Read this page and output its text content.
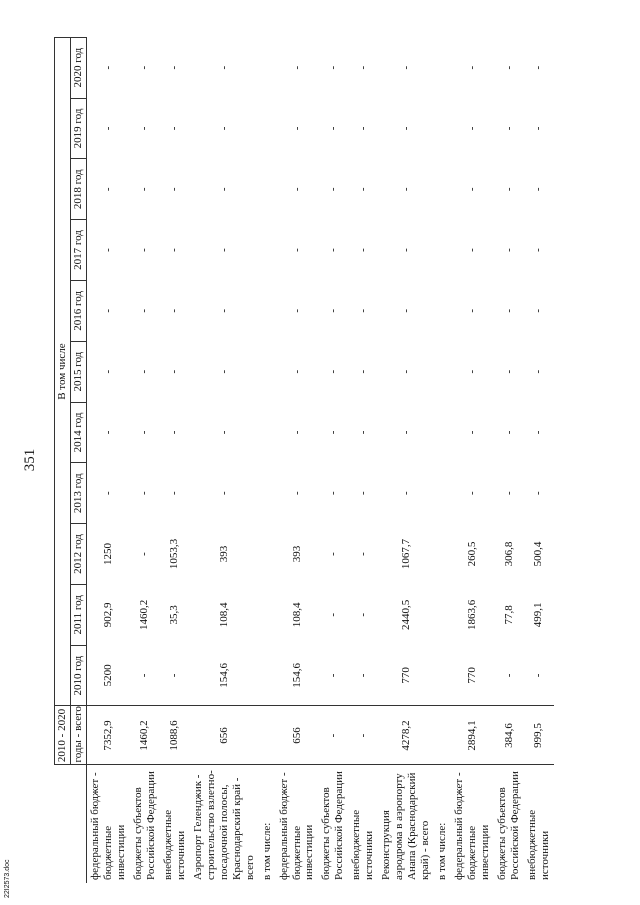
351
	2010 - 2020	В том числе										
	годы - всего	2010 год	2011 год	2012 год	2013 год	2014 год	2015 год	2016 год	2017 год	2018 год	2019 год	2020 год
федеральный бюджет - бюджетные инвестиции	7352,9	5200	902,9	1250	-	-	-	-	-	-	-	-
бюджеты субъектов Российской Федерации	1460,2	-	1460,2	-	-	-	-	-	-	-	-	-
внебюджетные источники	1088,6	-	35,3	1053,3	-	-	-	-	-	-	-	-
Аэропорт Геленджик - строительство взлетно-посадочной полосы, Краснодарский край - всего	656	154,6	108,4	393	-	-	-	-	-	-	-	-
в том числе:												
федеральный бюджет - бюджетные инвестиции	656	154,6	108,4	393	-	-	-	-	-	-	-	-
бюджеты субъектов Российской Федерации	-	-	-	-	-	-	-	-	-	-	-	-
внебюджетные источники	-	-	-	-	-	-	-	-	-	-	-	-
Реконструкция аэродрома в аэропорту Анапа (Краснодарский край) - всего	4278,2	770	2440,5	1067,7	-	-	-	-	-	-	-	-
в том числе:												
федеральный бюджет - бюджетные инвестиции	2894,1	770	1863,6	260,5	-	-	-	-	-	-	-	-
бюджеты субъектов Российской Федерации	384,6	-	77,8	306,8	-	-	-	-	-	-	-	-
внебюджетные источники	999,5	-	499,1	500,4	-	-	-	-	-	-	-	-
22I2573.doc
